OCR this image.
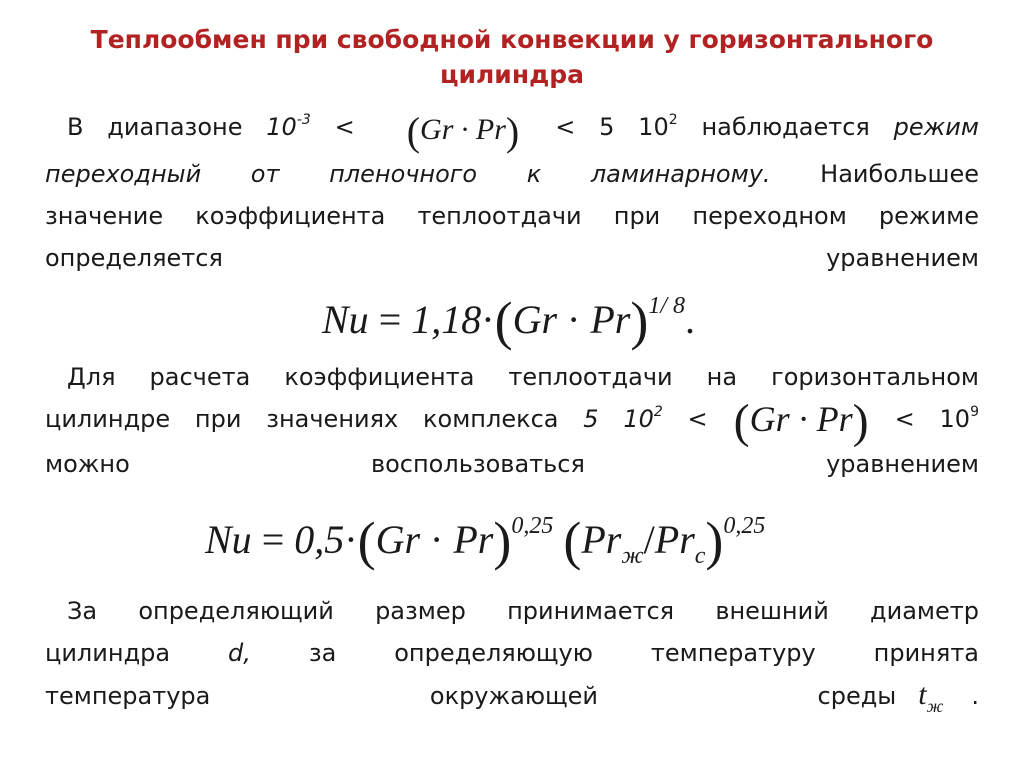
Теплообмен при свободной конвекции у горизонтального
цилиндра
В диапазоне $10^{-3} < (Gr \cdot Pr) < 5$ $10^2$ наблюдается режим
переходный от пленочного к ламинарному. Наибольшее
значение коэффициента теплоотдачи при переходном режиме
определяется уравнением
$Nu = 1,18\cdot(Gr \cdot Pr)^{1/ 8}$.
Для расчета коэффициента теплоотдачи на горизонтальном
цилиндре при значениях комплекса 5 $10^2 < (Gr \cdot Pr) < 10^9$
можно воспользоваться уравнением
$Nu = 0,5\cdot(Gr \cdot Pr)^{0,25}$ $(Pr_ж/Pr_с)^{0,25}$
За определяющий размер принимается внешний диаметр
цилиндра d, за определяющую температуру принята
температура окружающей среды $t_ж$ .
